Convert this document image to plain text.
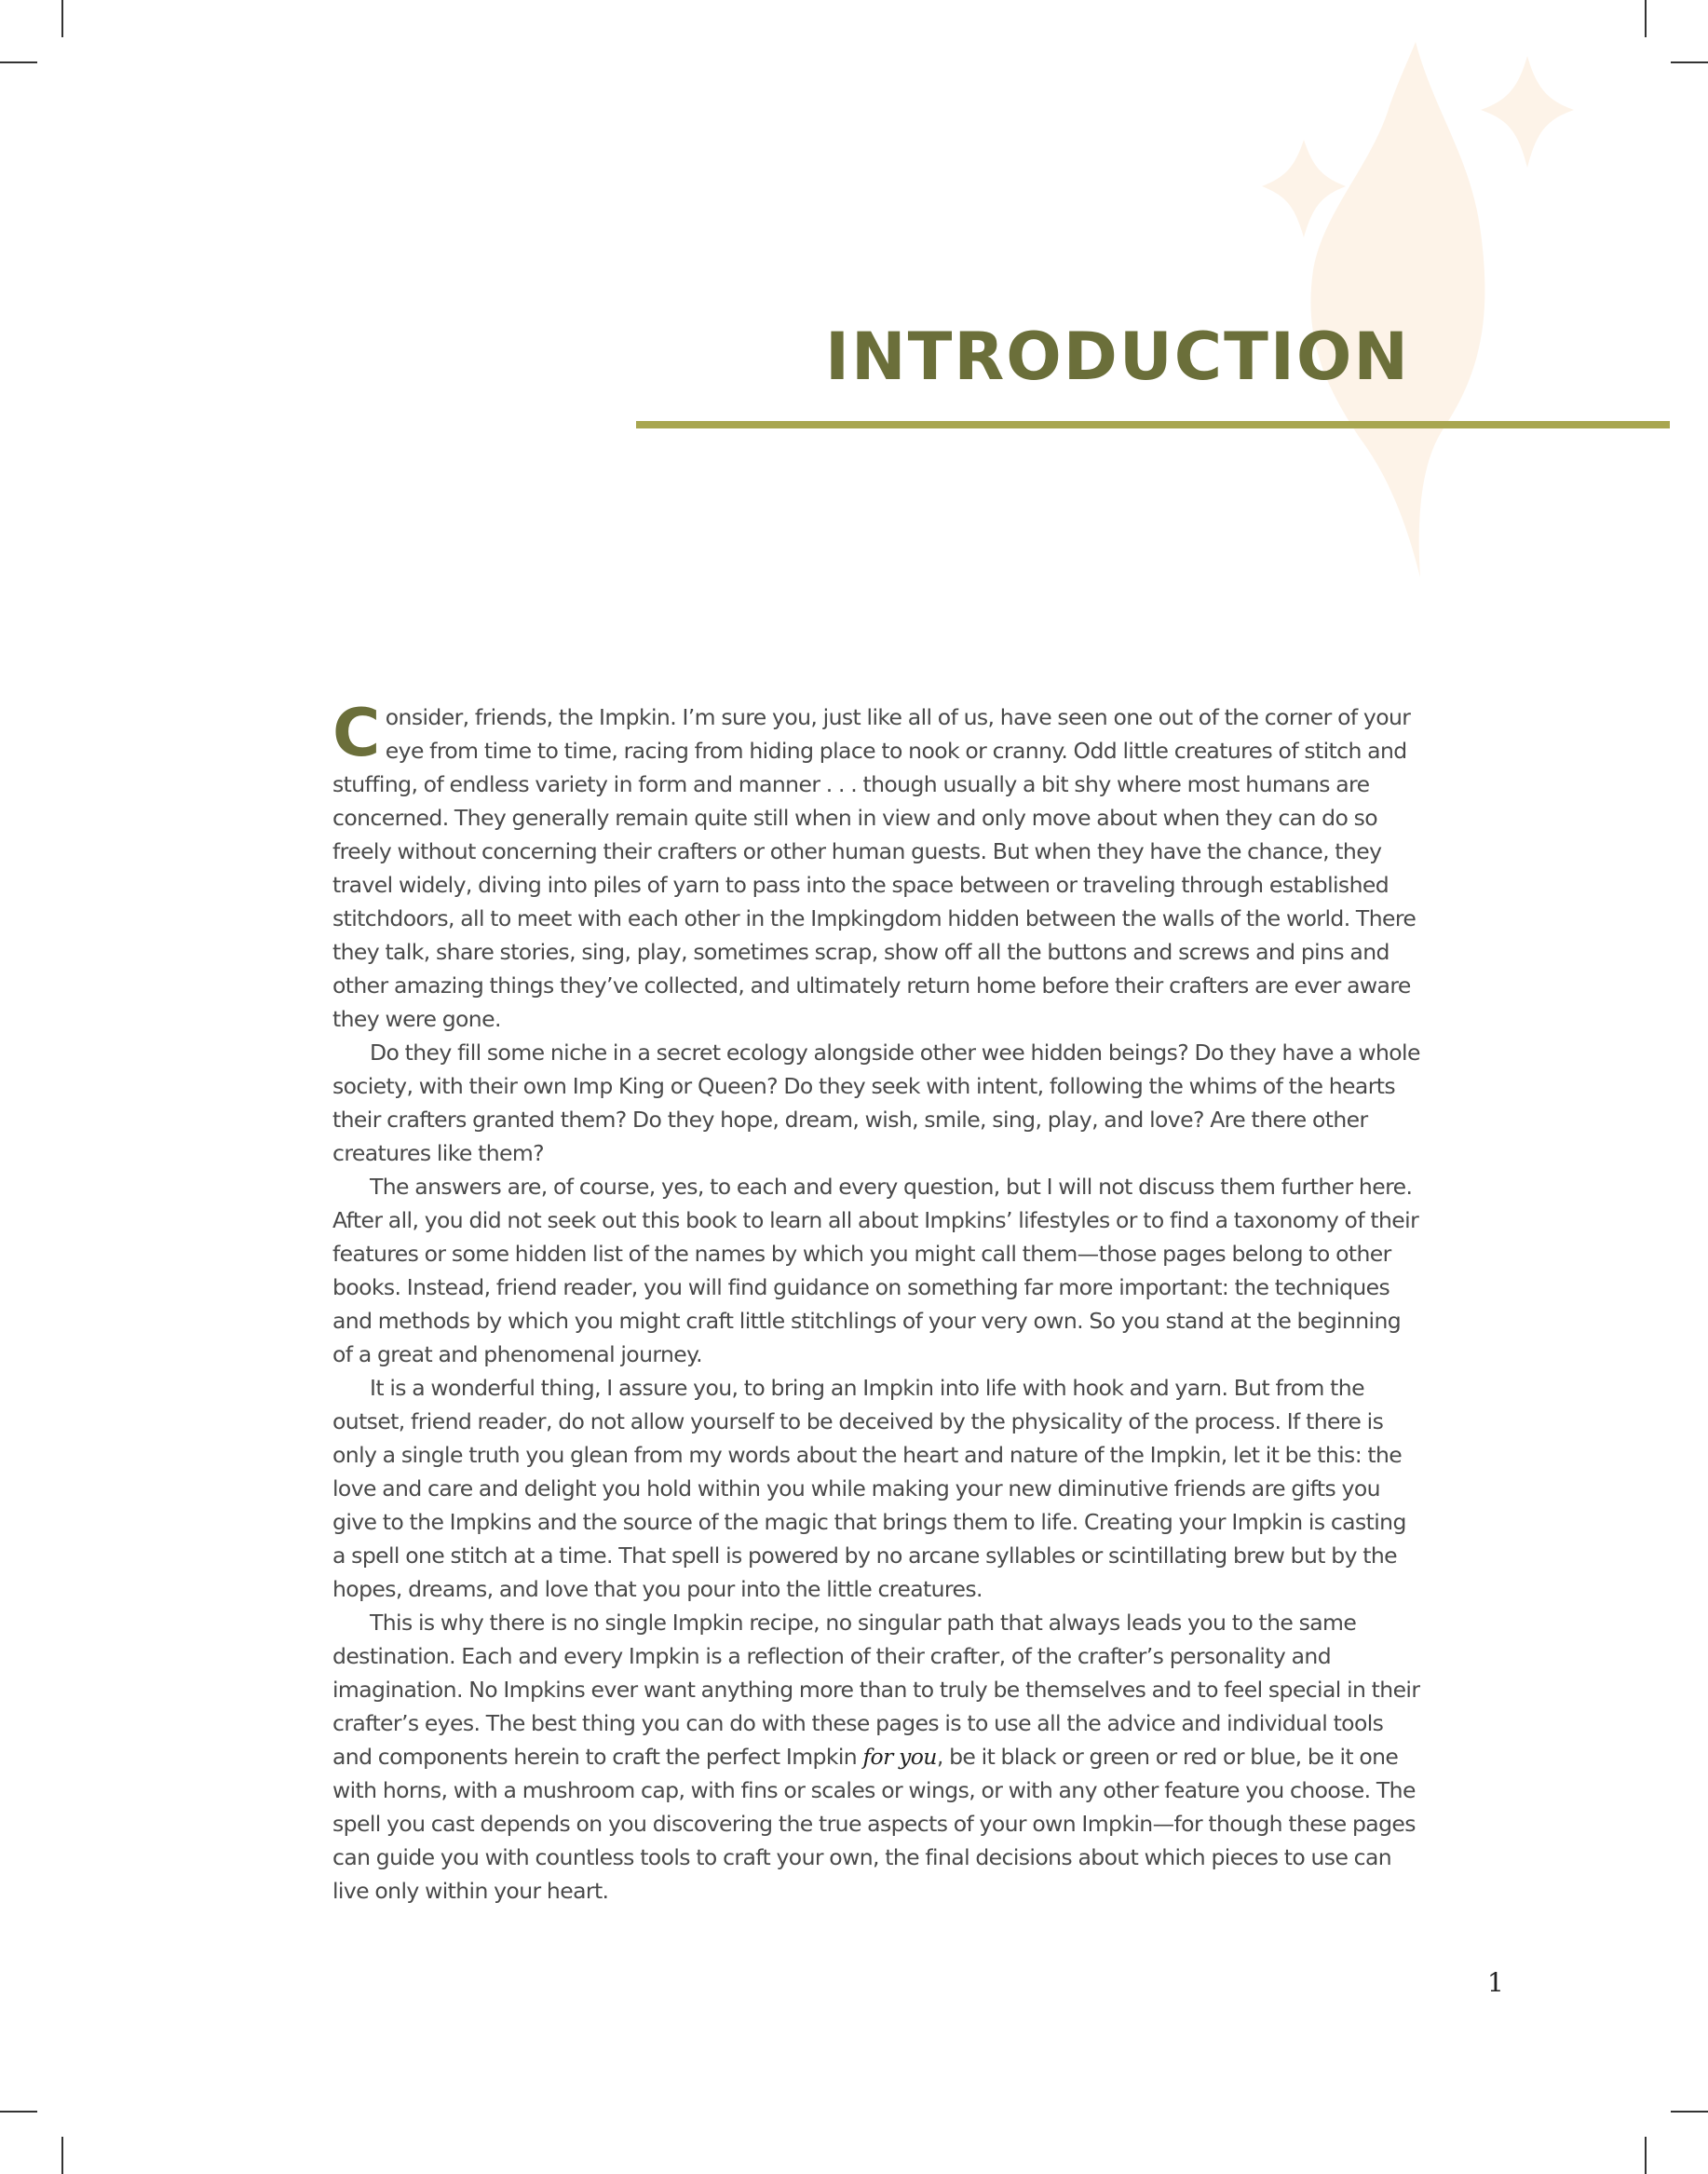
INTRODUCTION

Consider, friends, the Impkin. I’m sure you, just like all of us, have seen one out of the corner of your eye from time to time, racing from hiding place to nook or cranny. Odd little creatures of stitch and stuffing, of endless variety in form and manner . . . though usually a bit shy where most humans are concerned. They generally remain quite still when in view and only move about when they can do so freely without concerning their crafters or other human guests. But when they have the chance, they travel widely, diving into piles of yarn to pass into the space between or traveling through established stitchdoors, all to meet with each other in the Impkingdom hidden between the walls of the world. There they talk, share stories, sing, play, sometimes scrap, show off all the buttons and screws and pins and other amazing things they’ve collected, and ultimately return home before their crafters are ever aware they were gone.

Do they fill some niche in a secret ecology alongside other wee hidden beings? Do they have a whole society, with their own Imp King or Queen? Do they seek with intent, following the whims of the hearts their crafters granted them? Do they hope, dream, wish, smile, sing, play, and love? Are there other creatures like them?

The answers are, of course, yes, to each and every question, but I will not discuss them further here. After all, you did not seek out this book to learn all about Impkins’ lifestyles or to find a taxonomy of their features or some hidden list of the names by which you might call them—those pages belong to other books. Instead, friend reader, you will find guidance on something far more important: the techniques and methods by which you might craft little stitchlings of your very own. So you stand at the beginning of a great and phenomenal journey.

It is a wonderful thing, I assure you, to bring an Impkin into life with hook and yarn. But from the outset, friend reader, do not allow yourself to be deceived by the physicality of the process. If there is only a single truth you glean from my words about the heart and nature of the Impkin, let it be this: the love and care and delight you hold within you while making your new diminutive friends are gifts you give to the Impkins and the source of the magic that brings them to life. Creating your Impkin is casting a spell one stitch at a time. That spell is powered by no arcane syllables or scintillating brew but by the hopes, dreams, and love that you pour into the little creatures.

This is why there is no single Impkin recipe, no singular path that always leads you to the same destination. Each and every Impkin is a reflection of their crafter, of the crafter’s personality and imagination. No Impkins ever want anything more than to truly be themselves and to feel special in their crafter’s eyes. The best thing you can do with these pages is to use all the advice and individual tools and components herein to craft the perfect Impkin for you, be it black or green or red or blue, be it one with horns, with a mushroom cap, with fins or scales or wings, or with any other feature you choose. The spell you cast depends on you discovering the true aspects of your own Impkin—for though these pages can guide you with countless tools to craft your own, the final decisions about which pieces to use can live only within your heart.

1
